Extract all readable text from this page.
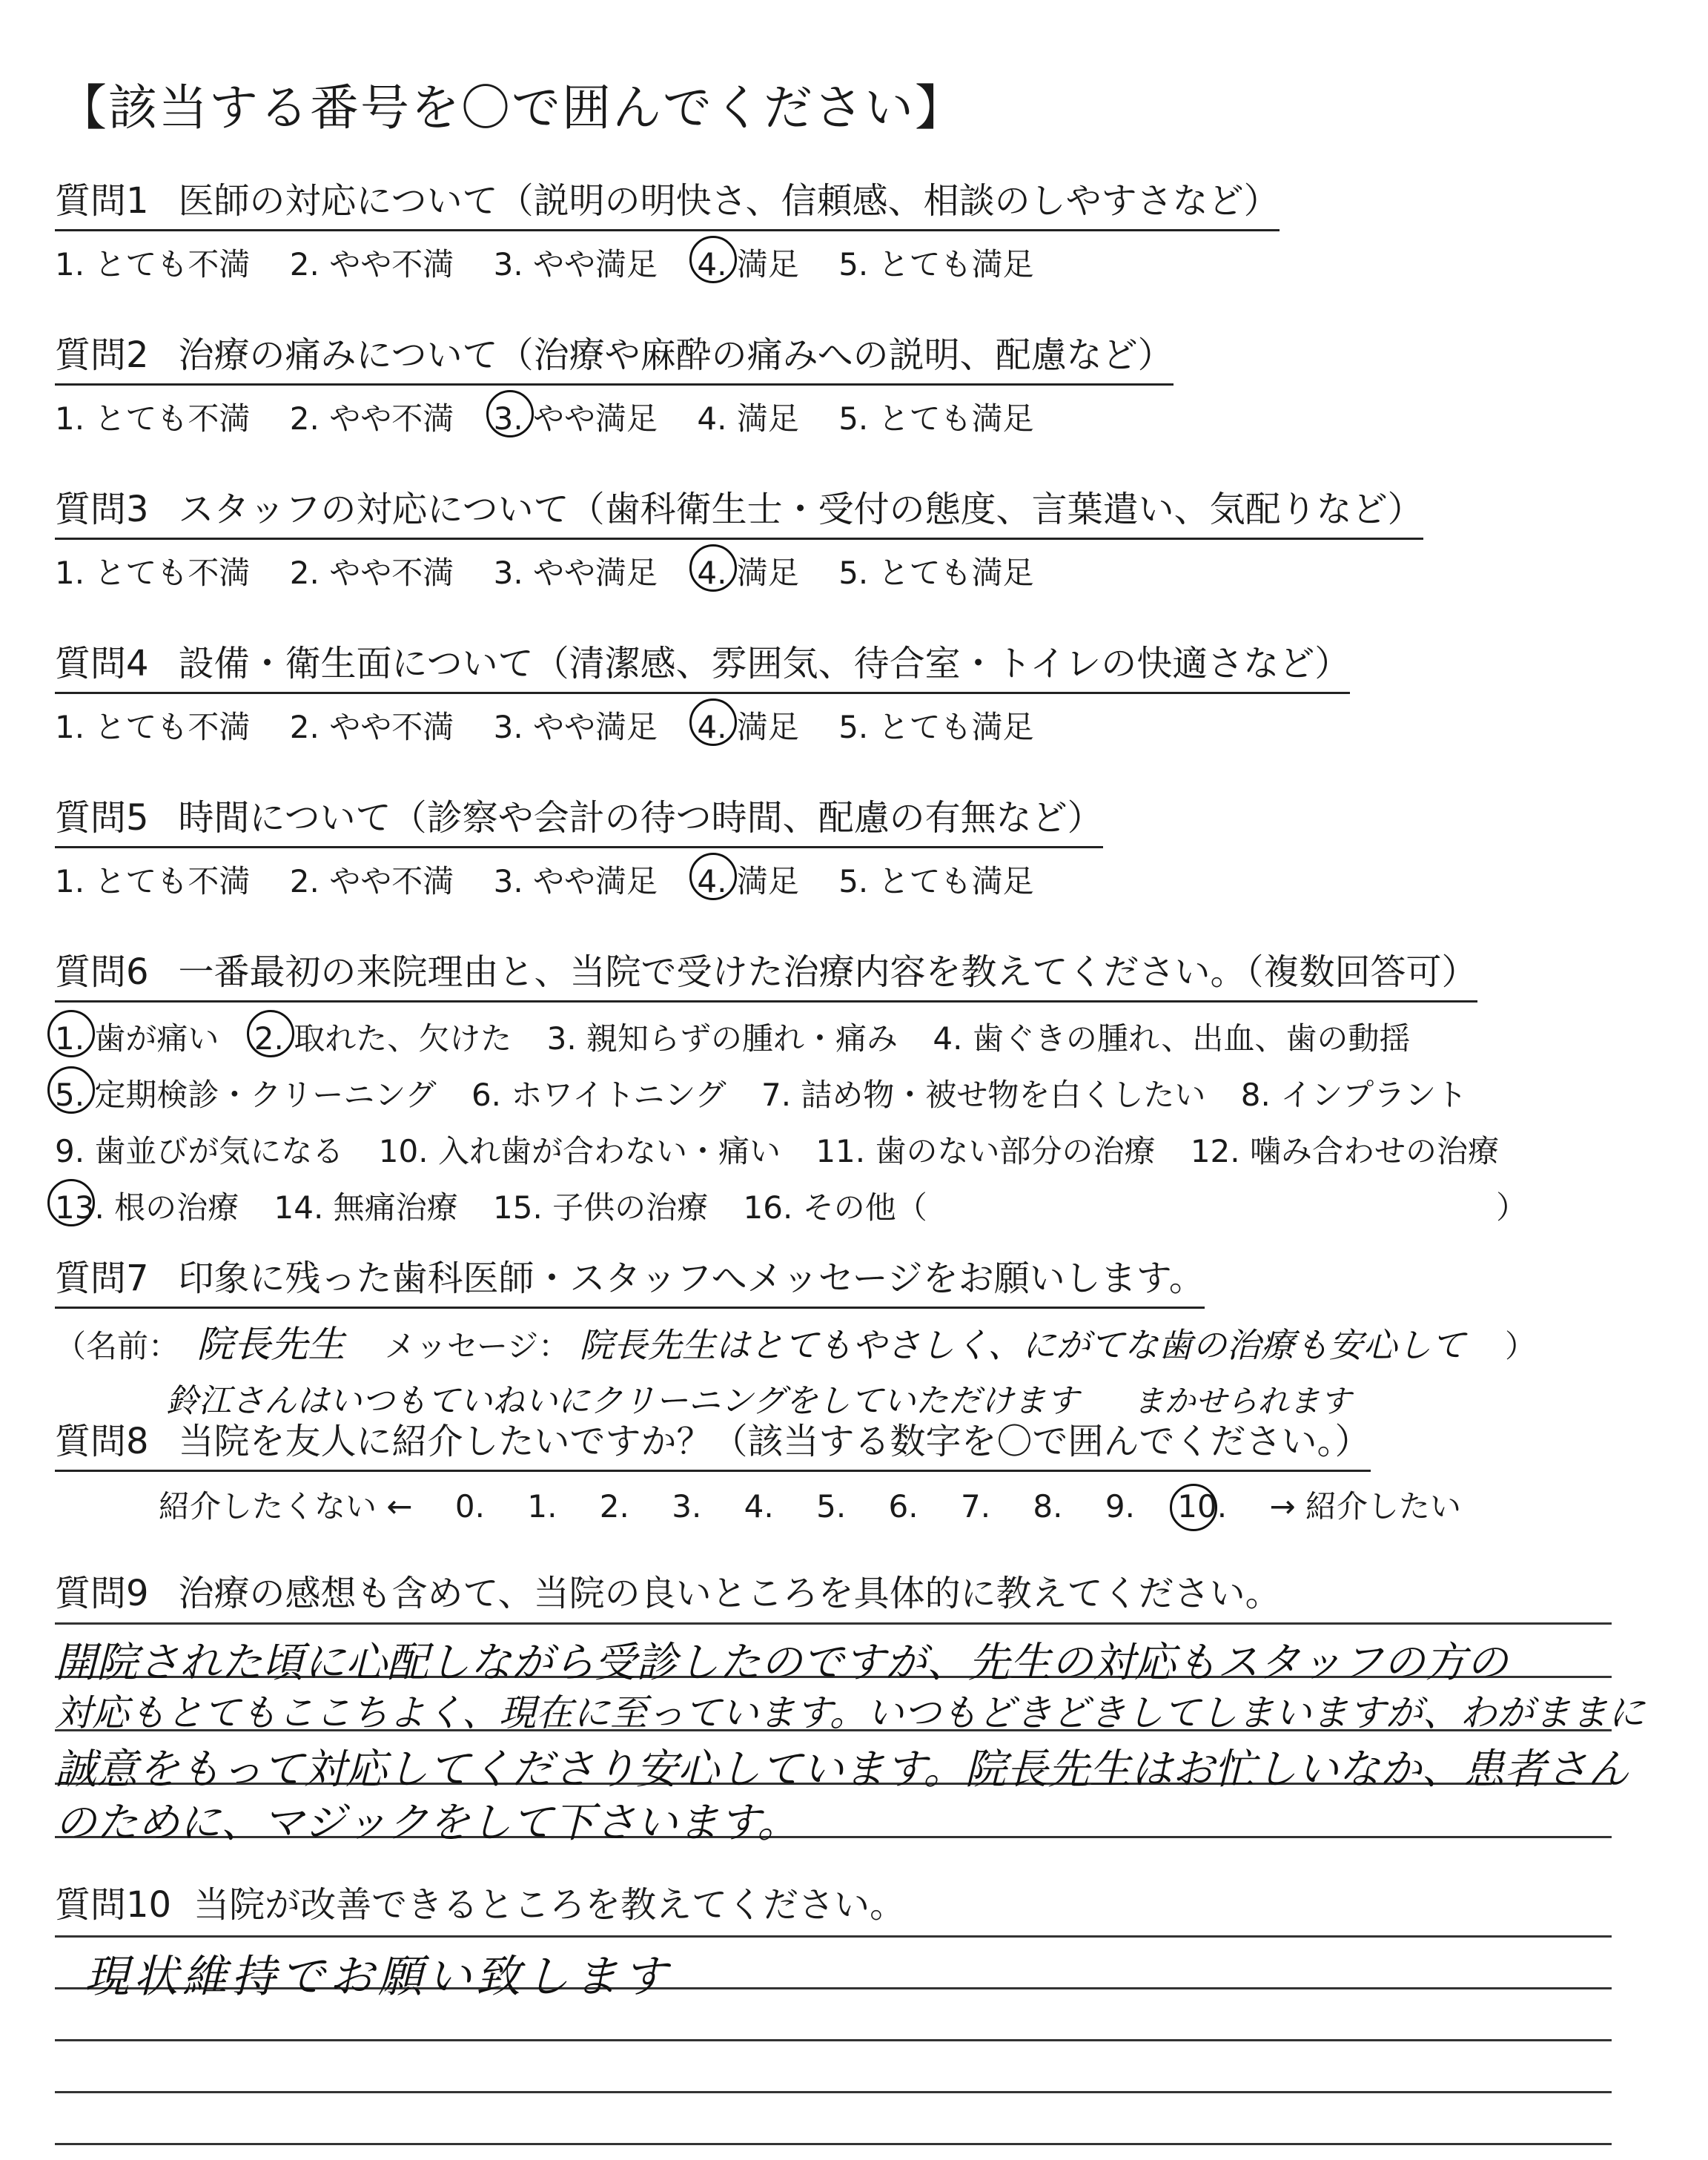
【該当する番号を〇で囲んでください】
質問1 医師の対応について（説明の明快さ、信頼感、相談のしやすさなど）
1. とても不満 2. やや不満 3. やや満足 4. 満足 5. とても満足
質問2 治療の痛みについて（治療や麻酔の痛みへの説明、配慮など）
1. とても不満 2. やや不満 3. やや満足 4. 満足 5. とても満足
質問3 スタッフの対応について（歯科衛生士・受付の態度、言葉遣い、気配りなど）
1. とても不満 2. やや不満 3. やや満足 4. 満足 5. とても満足
質問4 設備・衛生面について（清潔感、雰囲気、待合室・トイレの快適さなど）
1. とても不満 2. やや不満 3. やや満足 4. 満足 5. とても満足
質問5 時間について（診察や会計の待つ時間、配慮の有無など）
1. とても不満 2. やや不満 3. やや満足 4. 満足 5. とても満足
質問6 一番最初の来院理由と、当院で受けた治療内容を教えてください。（複数回答可）
1. 歯が痛い 2. 取れた、欠けた 3. 親知らずの腫れ・痛み 4. 歯ぐきの腫れ、出血、歯の動揺
5. 定期検診・クリーニング 6. ホワイトニング 7. 詰め物・被せ物を白くしたい 8. インプラント
9. 歯並びが気になる 10. 入れ歯が合わない・痛い 11. 歯のない部分の治療 12. 噛み合わせの治療
13. 根の治療 14. 無痛治療 15. 子供の治療 16. その他（	）
質問7 印象に残った歯科医師・スタッフへメッセージをお願いします。
（名前： 院長先生 メッセージ： 院長先生はとてもやさしく、にがてな歯の治療も安心して ）
鈴江さんはいつもていねいにクリーニングをしていただけます まかせられます
質問8 当院を友人に紹介したいですか？（該当する数字を〇で囲んでください。）
紹介したくない ← 0. 1. 2. 3. 4. 5. 6. 7. 8. 9. 10. → 紹介したい
質問9 治療の感想も含めて、当院の良いところを具体的に教えてください。
開院された頃に心配しながら受診したのですが、先生の対応もスタッフの方の
対応もとてもここちよく、現在に至っています。いつもどきどきしてしまいますが、わがままに
誠意をもって対応してくださり安心しています。院長先生はお忙しいなか、患者さん
のために、マジックをして下さいます。
質問10 当院が改善できるところを教えてください。
現状維持でお願い致します
